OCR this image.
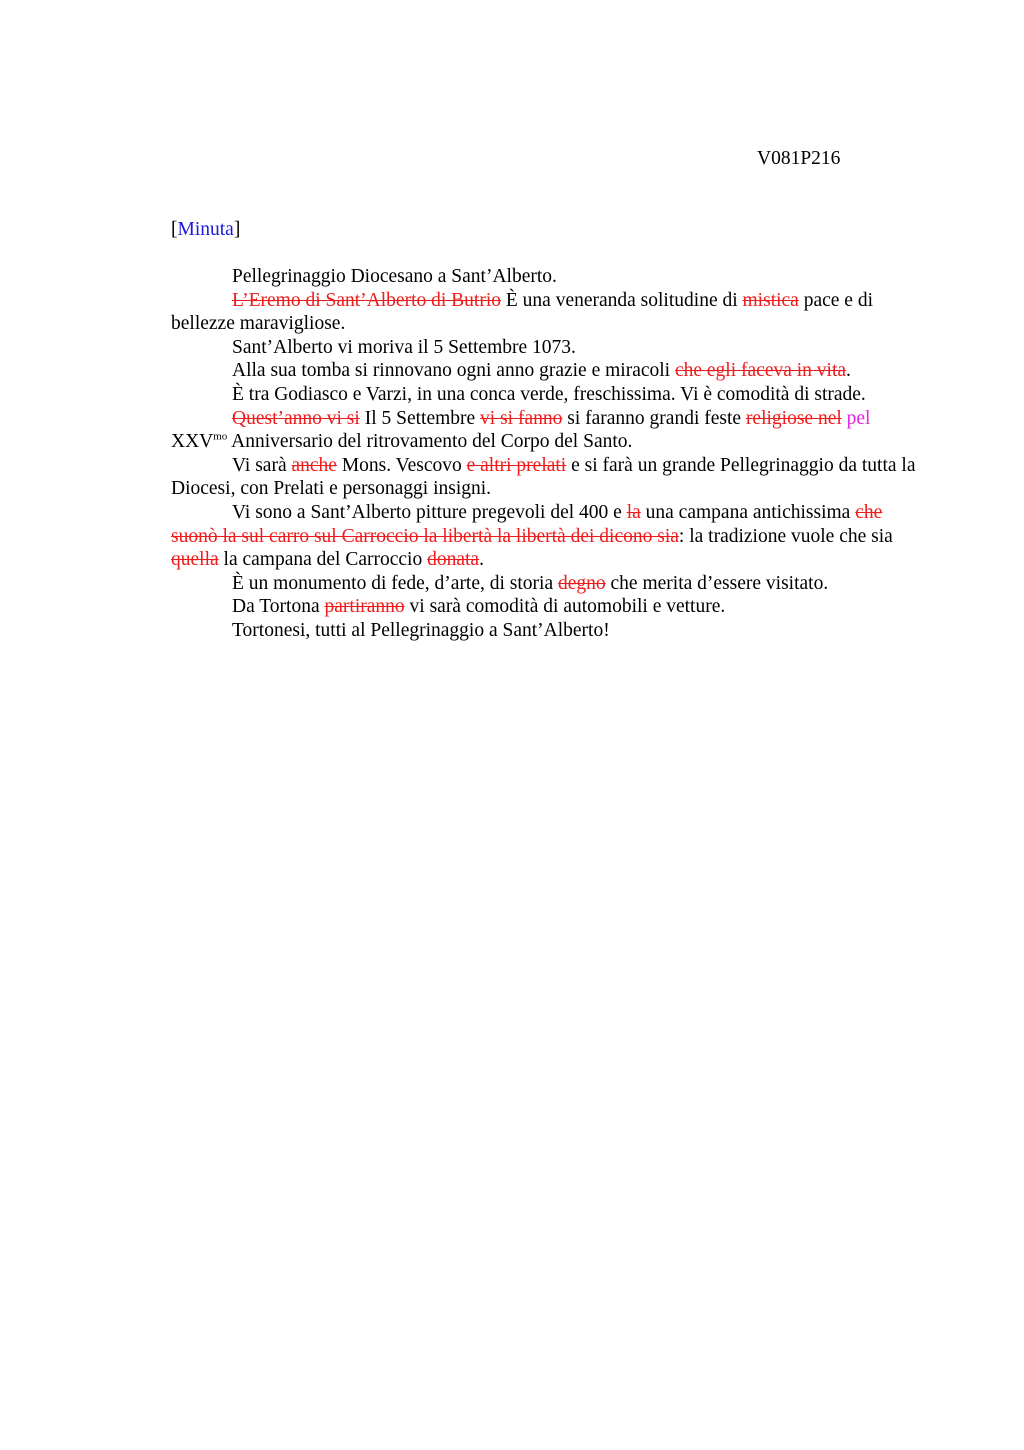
V081P216
[Minuta]

Pellegrinaggio Diocesano a Sant’Alberto.

L’Eremo di Sant’Alberto di Butrio È una veneranda solitudine di mistica pace e di bellezze maravigliose.

Sant’Alberto vi moriva il 5 Settembre 1073.

Alla sua tomba si rinnovano ogni anno grazie e miracoli che egli faceva in vita.

È tra Godiasco e Varzi, in una conca verde, freschissima. Vi è comodità di strade.

Quest’anno vi si Il 5 Settembre vi si fanno si faranno grandi feste religiose nel pel $XXV^{mo}$ Anniversario del ritrovamento del Corpo del Santo.

Vi sarà anche Mons. Vescovo e altri prelati e si farà un grande Pellegrinaggio da tutta la Diocesi, con Prelati e personaggi insigni.

Vi sono a Sant’Alberto pitture pregevoli del 400 e la una campana antichissima che suonò la sul carro sul Carroccio la libertà la libertà dei dicono sia: la tradizione vuole che sia quella la campana del Carroccio donata.

È un monumento di fede, d’arte, di storia degno che merita d’essere visitato.

Da Tortona partiranno vi sarà comodità di automobili e vetture.

Tortonesi, tutti al Pellegrinaggio a Sant’Alberto!
